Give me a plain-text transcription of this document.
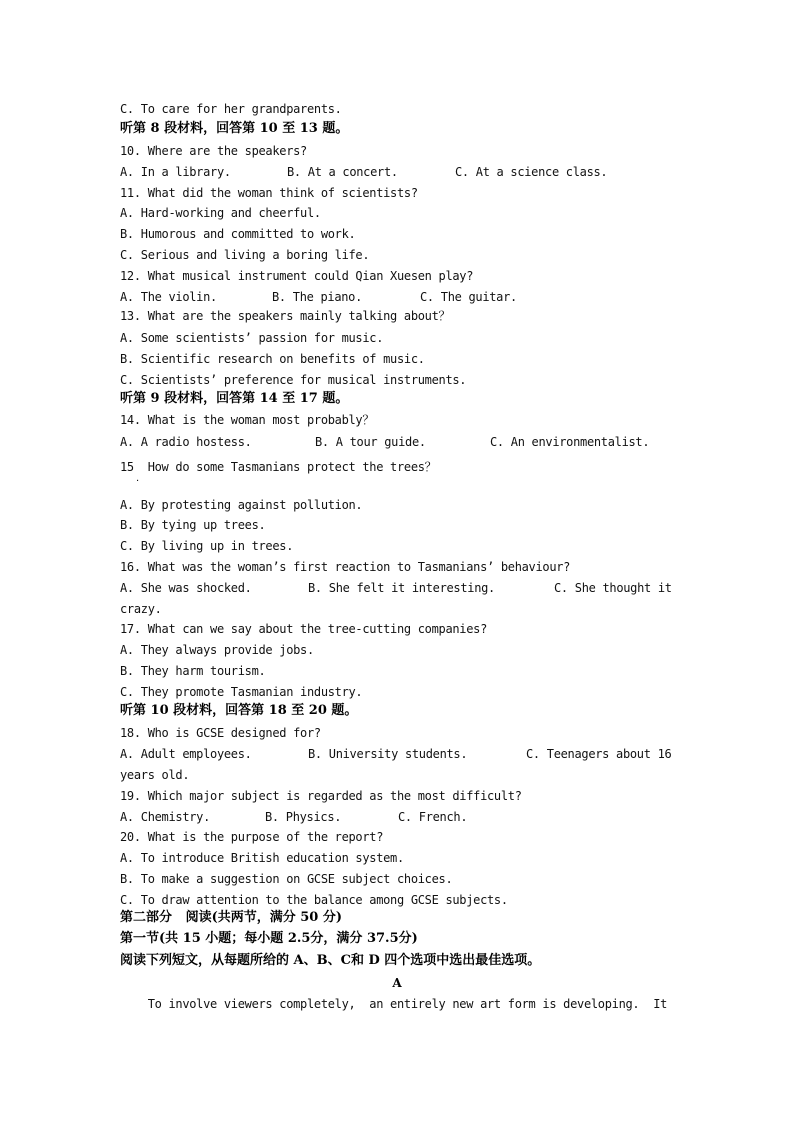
C. To care for her grandparents.
听第 8 段材料，回答第 10 至 13 题。
10. Where are the speakers?
A. In a library.	B. At a concert.	C. At a science class.
11. What did the woman think of scientists?
A. Hard-working and cheerful.
B. Humorous and committed to work.
C. Serious and living a boring life.
12. What musical instrument could Qian Xuesen play?
A. The violin.	B. The piano.	C. The guitar.
13. What are the speakers mainly talking about？
A. Some scientists’ passion for music.
B. Scientific research on benefits of music.
C. Scientists’ preference for musical instruments.
听第 9 段材料，回答第 14 至 17 题。
14. What is the woman most probably？
A. A radio hostess.	B. A tour guide.	C. An environmentalist.
15  How do some Tasmanians protect the trees？
·
A. By protesting against pollution.
B. By tying up trees.
C. By living up in trees.
16. What was the woman’s first reaction to Tasmanians’ behaviour?
A. She was shocked.	B. She felt it interesting.	C. She thought it
crazy.
17. What can we say about the tree-cutting companies?
A. They always provide jobs.
B. They harm tourism.
C. They promote Tasmanian industry.
听第 10 段材料，回答第 18 至 20 题。
18. Who is GCSE designed for?
A. Adult employees.	B. University students.	C. Teenagers about 16
years old.
19. Which major subject is regarded as the most difficult?
A. Chemistry.	B. Physics.	C. French.
20. What is the purpose of the report?
A. To introduce British education system.
B. To make a suggestion on GCSE subject choices.
C. To draw attention to the balance among GCSE subjects.
第二部分   阅读(共两节，满分 50 分)
第一节(共 15 小题；每小题 2.5分，满分 37.5分)
阅读下列短文，从每题所给的 A、B、C和 D 四个选项中选出最佳选项。
A
To involve viewers completely,  an entirely new art form is developing.  It
